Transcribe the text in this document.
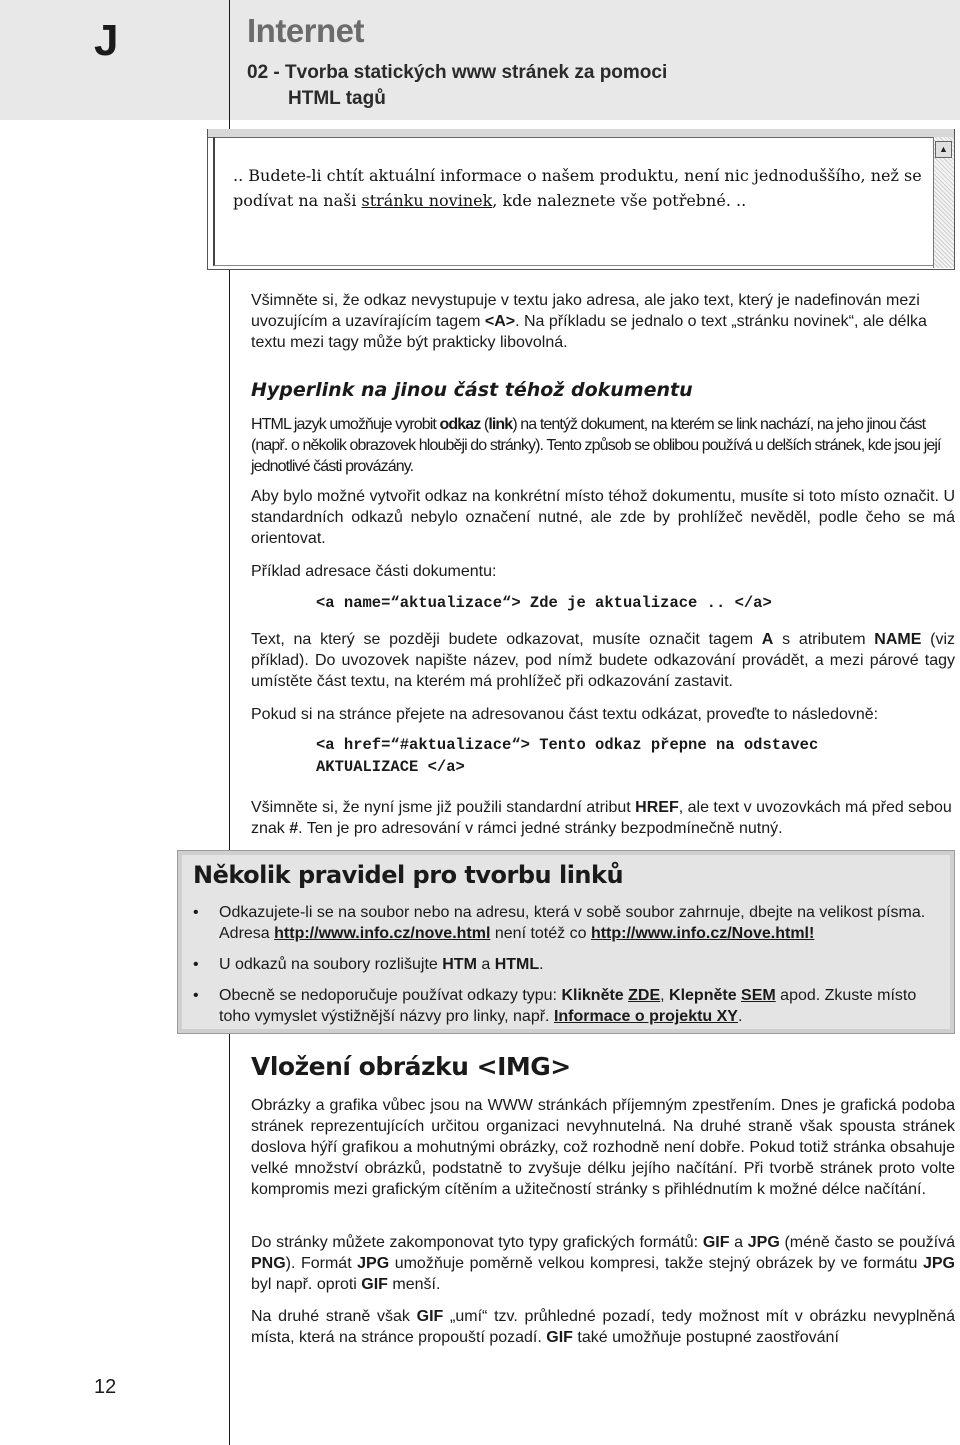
J	Internet
02 - Tvorba statických www stránek za pomoci
HTML tagů
.. Budete-li chtít aktuální informace o našem produktu, není nic jednoduššího, než se podívat na naši stránku novinek, kde naleznete vše potřebné. ..
▲
Všimněte si, že odkaz nevystupuje v textu jako adresa, ale jako text, který je nadefinován mezi uvozujícím a uzavírajícím tagem <A>. Na příkladu se jednalo o text „stránku novinek“, ale délka textu mezi tagy může být prakticky libovolná.
Hyperlink na jinou část téhož dokumentu
HTML jazyk umožňuje vyrobit odkaz (link) na tentýž dokument, na kterém se link nachází, na jeho jinou část (např. o několik obrazovek hlouběji do stránky). Tento způsob se oblibou používá u delších stránek, kde jsou její jednotlivé části provázány.
Aby bylo možné vytvořit odkaz na konkrétní místo téhož dokumentu, musíte si toto místo označit. U standardních odkazů nebylo označení nutné, ale zde by prohlížeč nevěděl, podle čeho se má orientovat.
Příklad adresace části dokumentu:
<a name=“aktualizace“> Zde je aktualizace .. </a>
Text, na který se později budete odkazovat, musíte označit tagem A s atributem NAME (viz příklad). Do uvozovek napište název, pod nímž budete odkazování provádět, a mezi párové tagy umístěte část textu, na kterém má prohlížeč při odkazování zastavit.
Pokud si na stránce přejete na adresovanou část textu odkázat, proveďte to následovně:
<a href=“#aktualizace“> Tento odkaz přepne na odstavec
AKTUALIZACE </a>
Všimněte si, že nyní jsme již použili standardní atribut HREF, ale text v uvozovkách má před sebou znak #. Ten je pro adresování v rámci jedné stránky bezpodmínečně nutný.
Několik pravidel pro tvorbu linků
• Odkazujete-li se na soubor nebo na adresu, která v sobě soubor zahrnuje, dbejte na velikost písma. Adresa http://www.info.cz/nove.html není totéž co http://www.info.cz/Nove.html!
• U odkazů na soubory rozlišujte HTM a HTML.
• Obecně se nedoporučuje používat odkazy typu: Klikněte ZDE, Klepněte SEM apod. Zkuste místo toho vymyslet výstižnější názvy pro linky, např. Informace o projektu XY.
Vložení obrázku <IMG>
Obrázky a grafika vůbec jsou na WWW stránkách příjemným zpestřením. Dnes je grafická podoba stránek reprezentujících určitou organizaci nevyhnutelná. Na druhé straně však spousta stránek doslova hýří grafikou a mohutnými obrázky, což rozhodně není dobře. Pokud totiž stránka obsahuje velké množství obrázků, podstatně to zvyšuje délku jejího načítání. Při tvorbě stránek proto volte kompromis mezi grafickým cítěním a užitečností stránky s přihlédnutím k možné délce načítání.
Do stránky můžete zakomponovat tyto typy grafických formátů: GIF a JPG (méně často se používá PNG). Formát JPG umožňuje poměrně velkou kompresi, takže stejný obrázek by ve formátu JPG byl např. oproti GIF menší.
Na druhé straně však GIF „umí“ tzv. průhledné pozadí, tedy možnost mít v obrázku nevyplněná místa, která na stránce propouští pozadí. GIF také umožňuje postupné zaostřování
12
